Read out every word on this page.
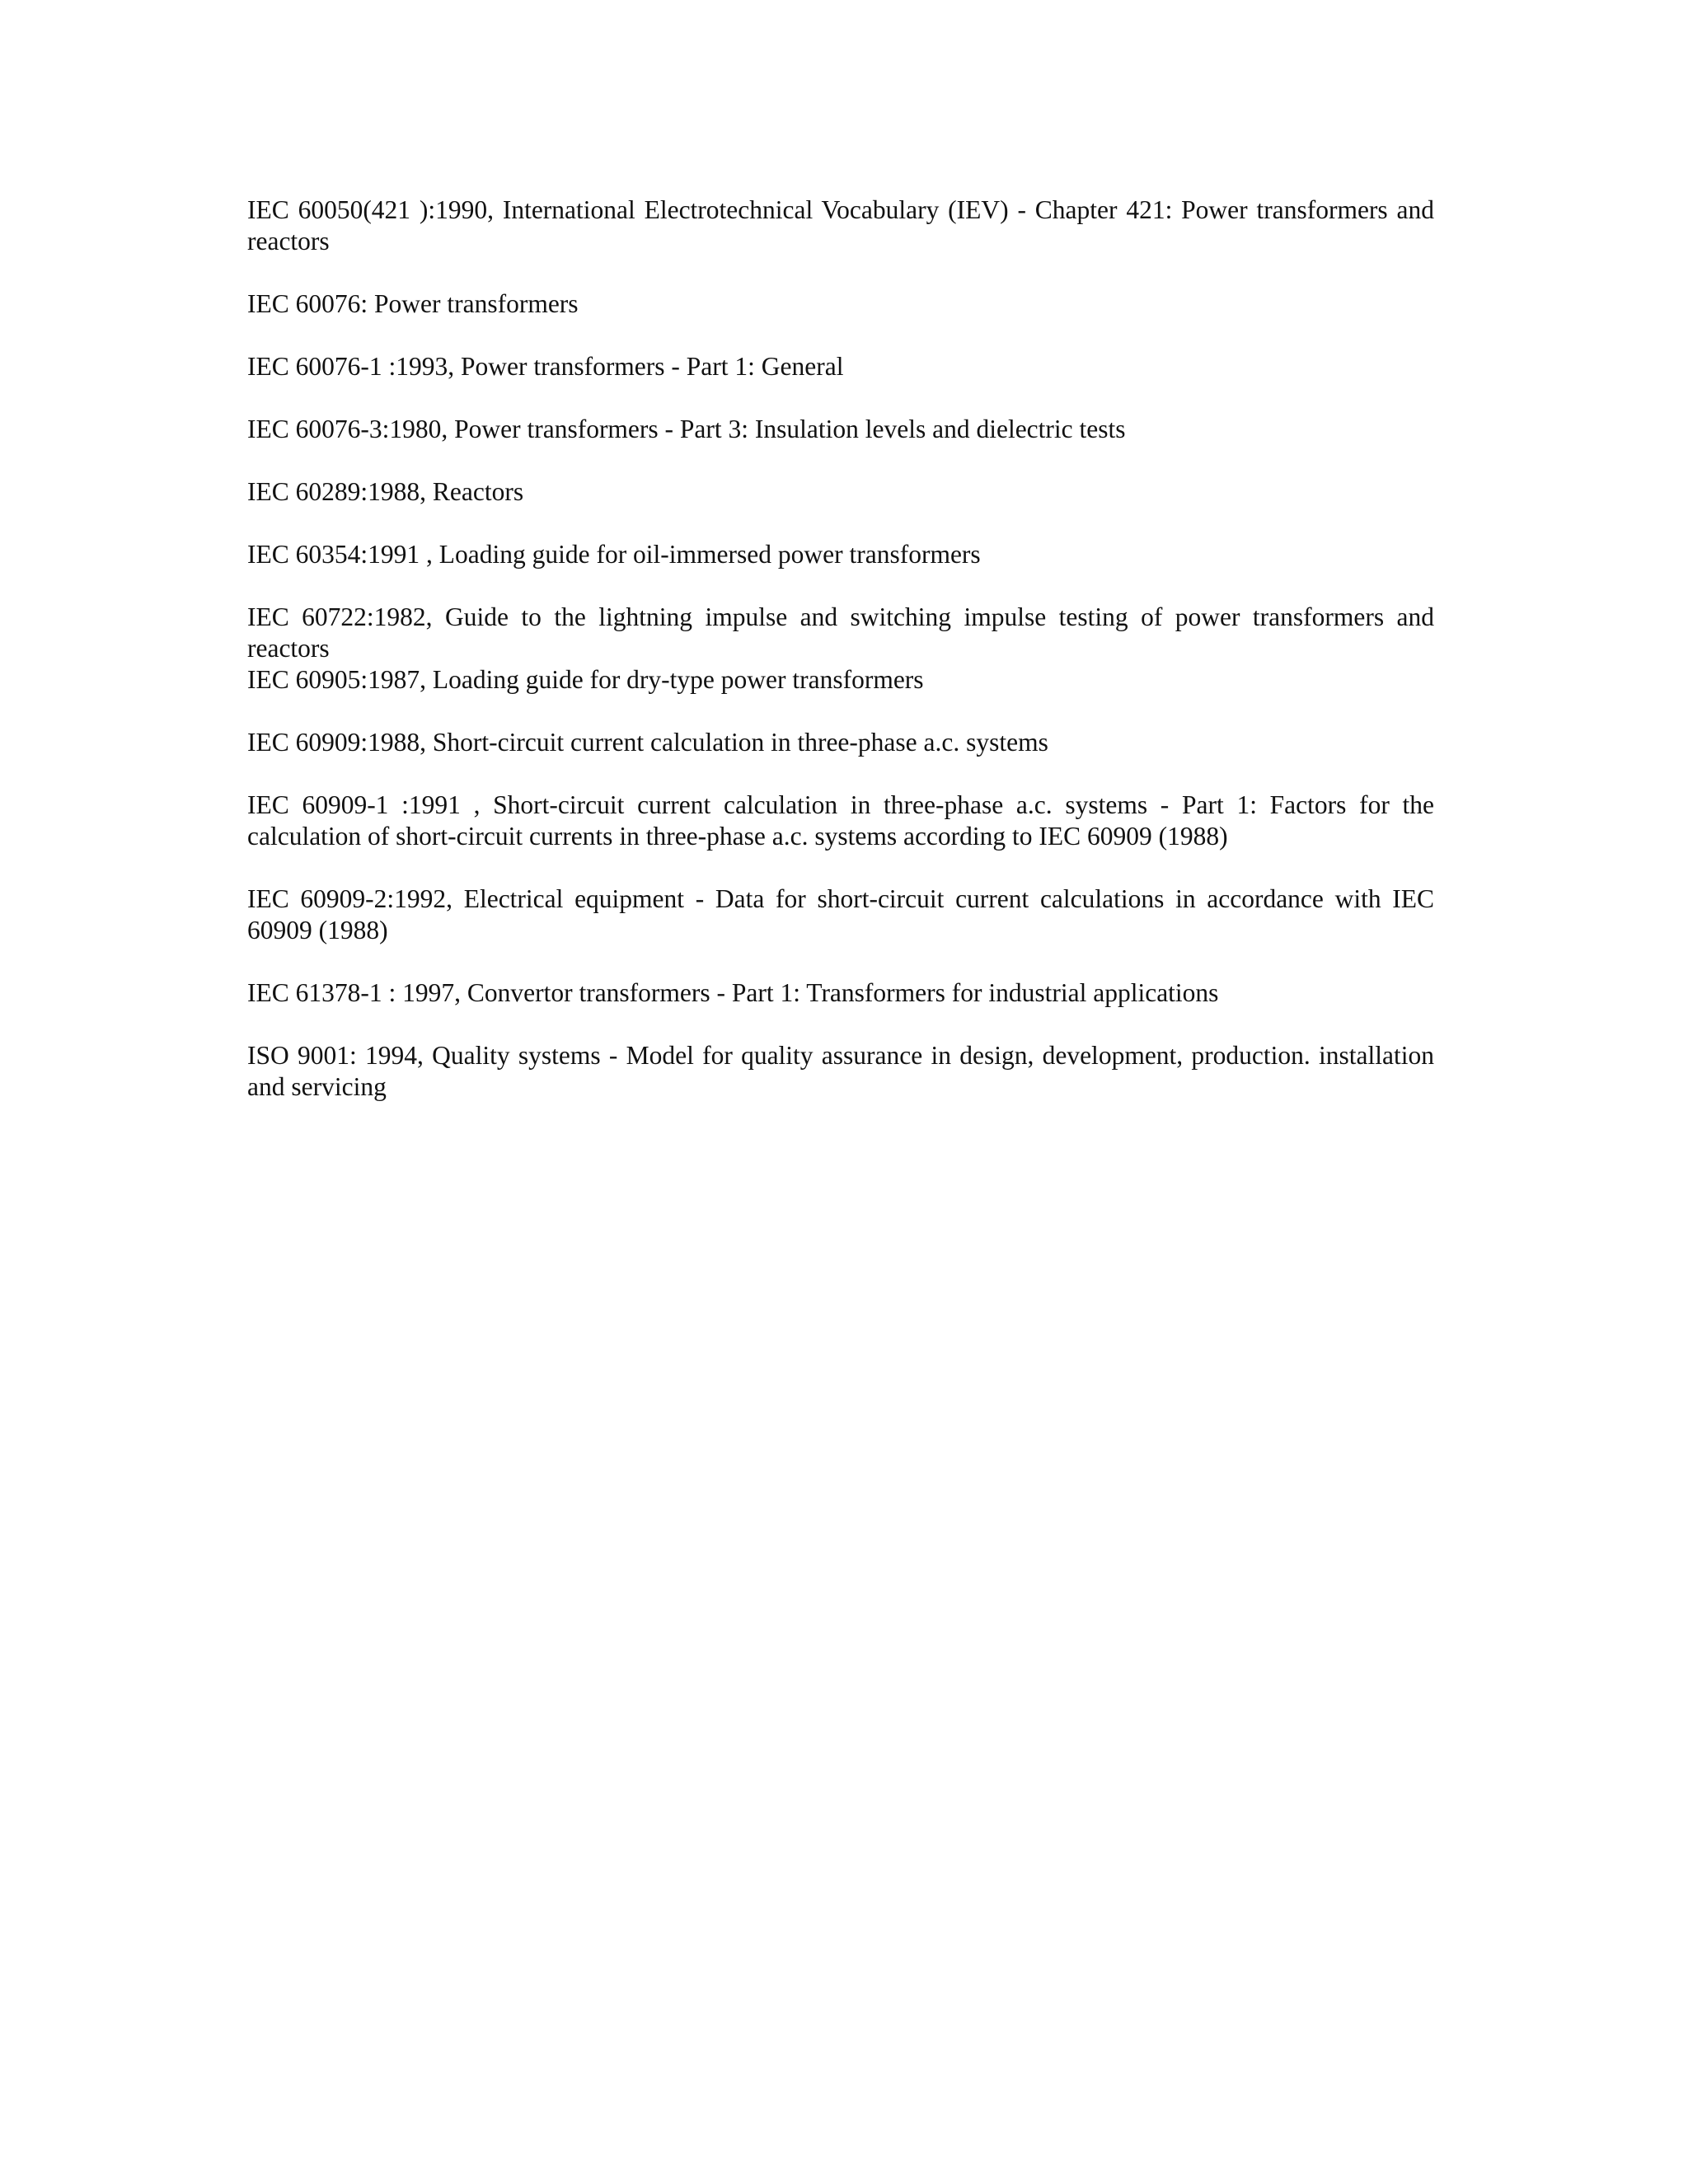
IEC 60050(421 ):1990, International Electrotechnical Vocabulary (IEV) - Chapter 421: Power transformers and reactors
IEC 60076: Power transformers
IEC 60076-1 :1993, Power transformers - Part 1: General
IEC 60076-3:1980, Power transformers - Part 3: Insulation levels and dielectric tests
IEC 60289:1988, Reactors
IEC 60354:1991 , Loading guide for oil-immersed power transformers
IEC 60722:1982, Guide to the lightning impulse and switching impulse testing of power transformers and reactors
IEC 60905:1987, Loading guide for dry-type power transformers
IEC 60909:1988, Short-circuit current calculation in three-phase a.c. systems
IEC 60909-1 :1991 , Short-circuit current calculation in three-phase a.c. systems - Part 1: Factors for the calculation of short-circuit currents in three-phase a.c. systems according to IEC 60909 (1988)
IEC 60909-2:1992, Electrical equipment - Data for short-circuit current calculations in accordance with IEC 60909 (1988)
IEC 61378-1 : 1997, Convertor transformers - Part 1: Transformers for industrial applications
ISO 9001: 1994, Quality systems - Model for quality assurance in design, development, production. installation and servicing
